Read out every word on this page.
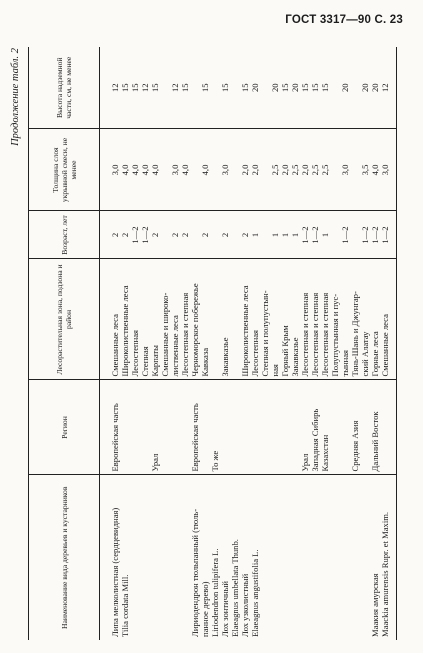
ГОСТ 3317—90 С. 23
Продолжение табл. 2
Наименование вида деревьев и кустарников	Регион	Лесорастительная зона, подзона и район	Возраст, лет	Толщина слоя укрывной смеси, не менее	Высота надземной части, см, не менее

Липа мелколистная (сердцевидная)	Европейская часть	Смешанные леса	2	3,0	12
Tilia cordata Mill.		Широколиственные леса	2	4,0	15
		Лесостепная	1—2	4,0	15
		Степная	1—2	4,0	12
	Урал	Карпаты	2	4,0	15
		Смешанные и широко-			
		лиственные леса	2	3,0	12
		Лесостепная и степная	2	4,0	15
Лириодендрон тюльпанный (тюль-	Европейская часть	Черноморское побережье			
панное дерево)		Кавказа	2	4,0	15
Liriodendron tulipifera L.	То же				
Лох зонтичный		Закавказье	2	3,0	15
Elaeagnus umbellata Thunb.					
Лох узколистный		Широколиственные леса	2	2,0	15
Elaeagnus angustifolia L.		Лесостепная	1	2,0	20
		Степная и полупустын-			
		ная	1	2,5	20
		Горный Крым	1	2,0	15
		Закавказье	1	2,5	20
	Урал	Лесостепная и степная	1—2	2,0	15
	Западная Сибирь	Лесостепная и степная	1—2	2,5	15
	Казахстан	Лесостепная и степная	1	2,5	15
		Полупустынная и пус-			
		тынная	1—2	3,0	20
	Средняя Азия	Тянь-Шань и Джунгар-			
		ский Алатау	1—2	3,5	20
Маакия амурская	Дальний Восток	Горные леса	1—2	4,0	20
Maackia amurensis Rupr. et Maxim.		Смешанные леса	1—2	3,0	12
